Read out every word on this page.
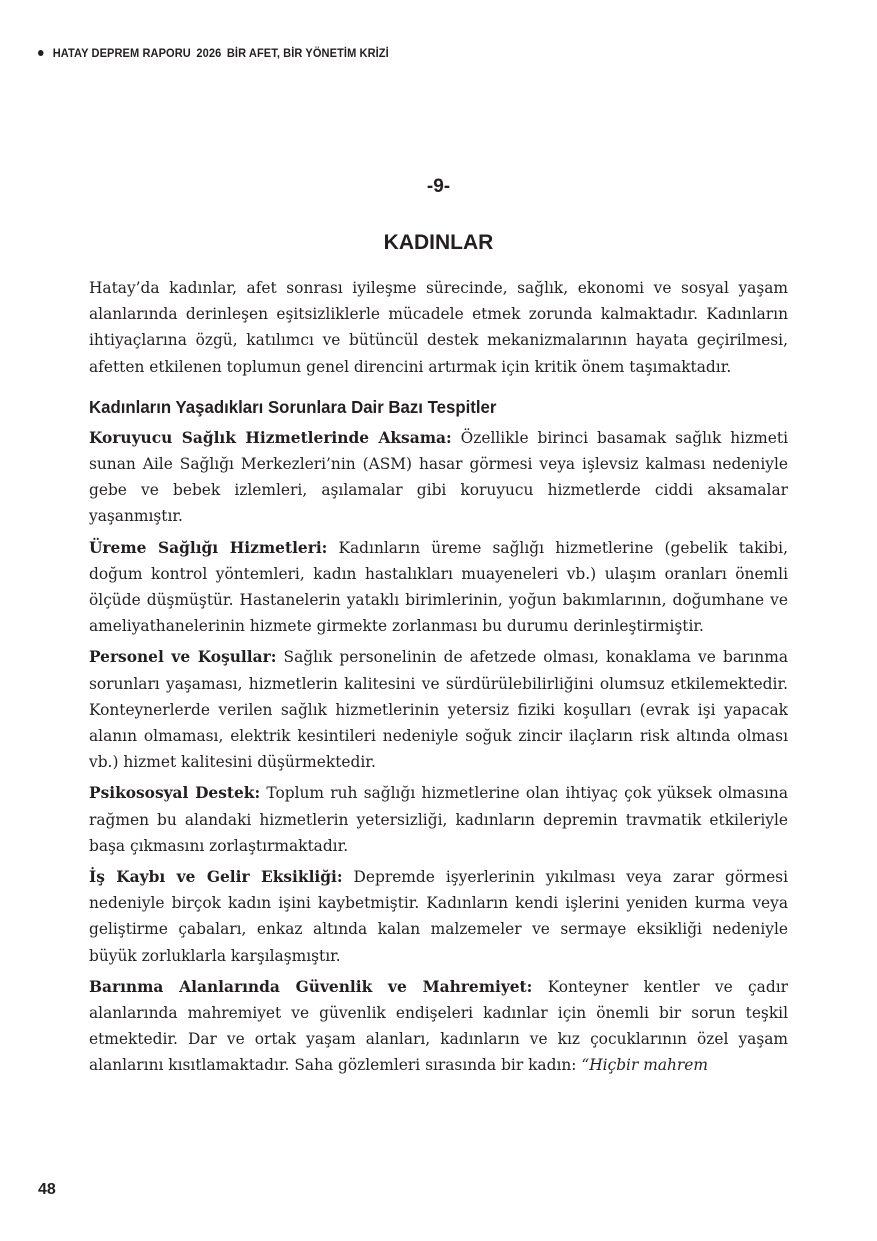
HATAY DEPREM RAPORU 2026 BİR AFET, BİR YÖNETİM KRİZİ
-9-
KADINLAR

Hatay’da kadınlar, afet sonrası iyileşme sürecinde, sağlık, ekonomi ve sosyal yaşam alanlarında derinleşen eşitsizliklerle mücadele etmek zorunda kalmaktadır. Kadınların ihtiyaçlarına özgü, katılımcı ve bütüncül destek mekanizmalarının hayata geçirilmesi, afetten etkilenen toplumun genel direncini artırmak için kritik önem taşımaktadır.

Kadınların Yaşadıkları Sorunlara Dair Bazı Tespitler

Koruyucu Sağlık Hizmetlerinde Aksama: Özellikle birinci basamak sağlık hizmeti sunan Aile Sağlığı Merkezleri’nin (ASM) hasar görmesi veya işlevsiz kalması nedeniyle gebe ve bebek izlemleri, aşılamalar gibi koruyucu hizmetlerde ciddi aksamalar yaşanmıştır.

Üreme Sağlığı Hizmetleri: Kadınların üreme sağlığı hizmetlerine (gebelik takibi, doğum kontrol yöntemleri, kadın hastalıkları muayeneleri vb.) ulaşım oranları önemli ölçüde düşmüştür. Hastanelerin yataklı birimlerinin, yoğun bakımlarının, doğumhane ve ameliyathanelerinin hizmete girmekte zorlanması bu durumu derinleştirmiştir.

Personel ve Koşullar: Sağlık personelinin de afetzede olması, konaklama ve barınma sorunları yaşaması, hizmetlerin kalitesini ve sürdürülebilirliğini olumsuz etkilemektedir. Konteynerlerde verilen sağlık hizmetlerinin yetersiz fiziki koşulları (evrak işi yapacak alanın olmaması, elektrik kesintileri nedeniyle soğuk zincir ilaçların risk altında olması vb.) hizmet kalitesini düşürmektedir.

Psikososyal Destek: Toplum ruh sağlığı hizmetlerine olan ihtiyaç çok yüksek olmasına rağmen bu alandaki hizmetlerin yetersizliği, kadınların depremin travmatik etkileriyle başa çıkmasını zorlaştırmaktadır.

İş Kaybı ve Gelir Eksikliği: Depremde işyerlerinin yıkılması veya zarar görmesi nedeniyle birçok kadın işini kaybetmiştir. Kadınların kendi işlerini yeniden kurma veya geliştirme çabaları, enkaz altında kalan malzemeler ve sermaye eksikliği nedeniyle büyük zorluklarla karşılaşmıştır.

Barınma Alanlarında Güvenlik ve Mahremiyet: Konteyner kentler ve çadır alanlarında mahremiyet ve güvenlik endişeleri kadınlar için önemli bir sorun teşkil etmektedir. Dar ve ortak yaşam alanları, kadınların ve kız çocuklarının özel yaşam alanlarını kısıtlamaktadır. Saha gözlemleri sırasında bir kadın: “Hiçbir mahrem

48
